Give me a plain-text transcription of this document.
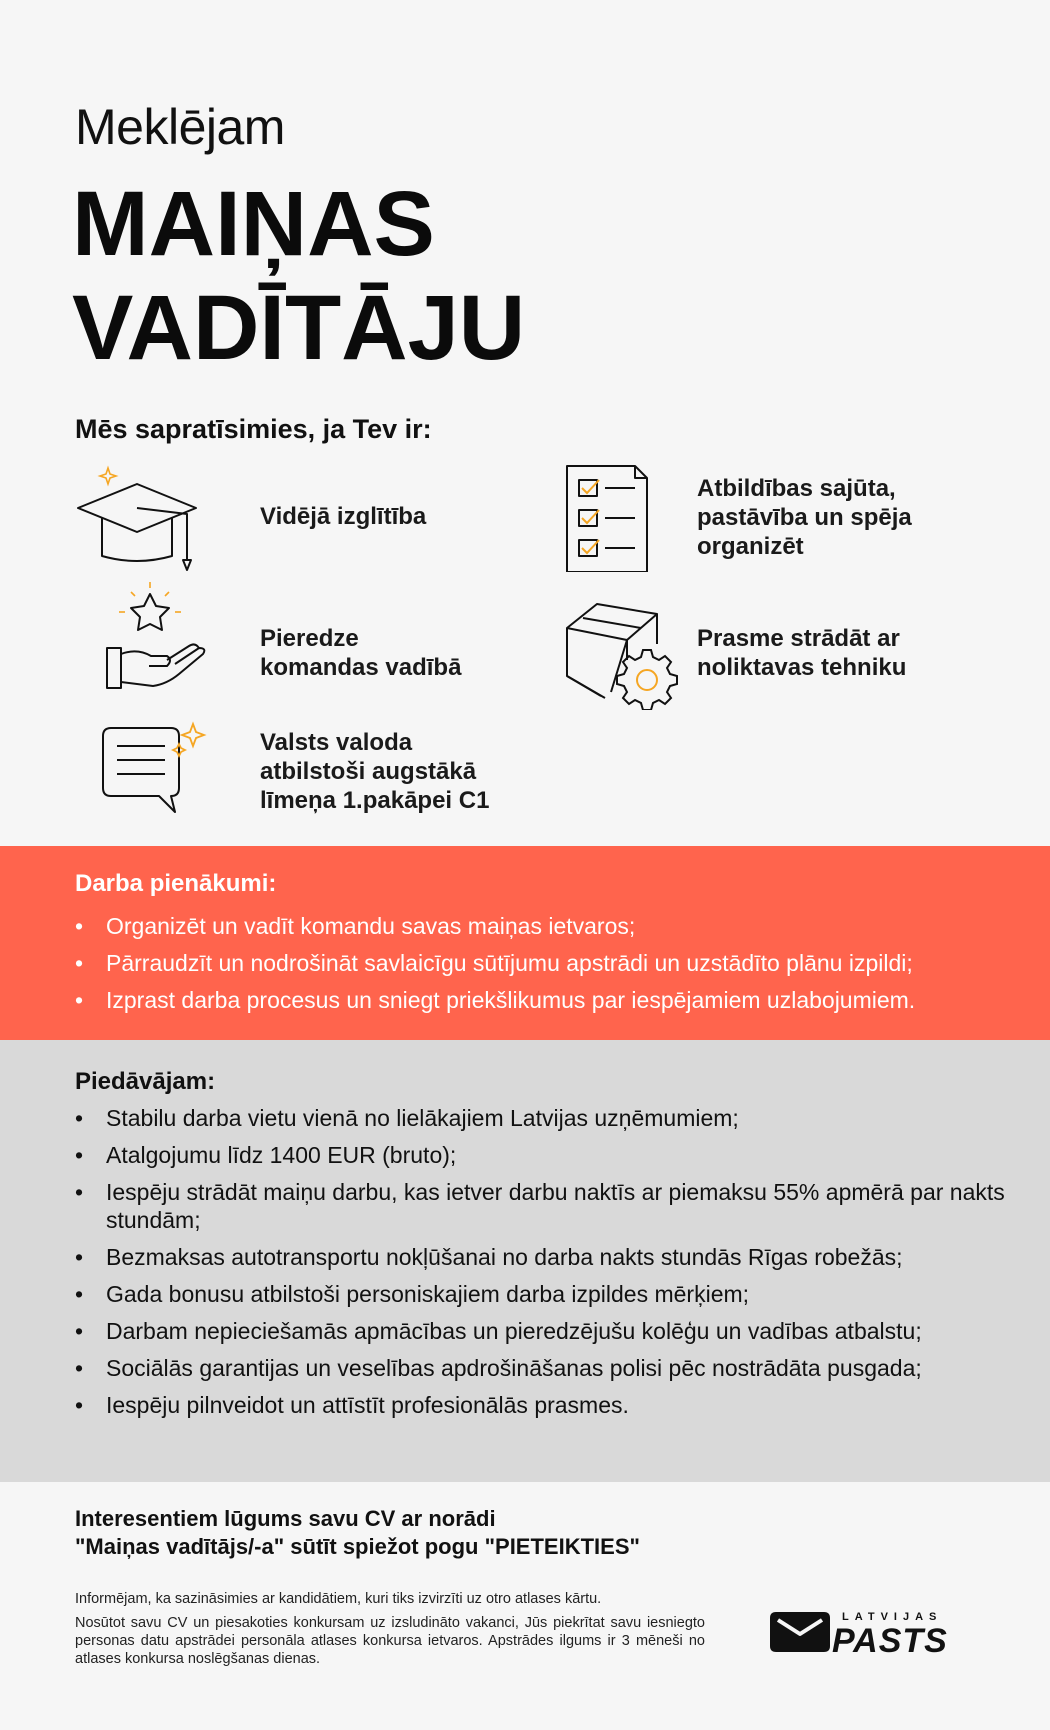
Meklējam
MAIŅAS
VADĪTĀJU
Mēs sapratīsimies, ja Tev ir:
Vidējā izglītība
Atbildības sajūta,
pastāvība un spēja
organizēt
Pieredze
komandas vadībā
Prasme strādāt ar
noliktavas tehniku
Valsts valoda
atbilstoši augstākā
līmeņa 1.pakāpei C1
Darba pienākumi:
• Organizēt un vadīt komandu savas maiņas ietvaros;
• Pārraudzīt un nodrošināt savlaicīgu sūtījumu apstrādi un uzstādīto plānu izpildi;
• Izprast darba procesus un sniegt priekšlikumus par iespējamiem uzlabojumiem.
Piedāvājam:
• Stabilu darba vietu vienā no lielākajiem Latvijas uzņēmumiem;
• Atalgojumu līdz 1400 EUR (bruto);
• Iespēju strādāt maiņu darbu, kas ietver darbu naktīs ar piemaksu 55% apmērā par nakts stundām;
• Bezmaksas autotransportu nokļūšanai no darba nakts stundās Rīgas robežās;
• Gada bonusu atbilstoši personiskajiem darba izpildes mērķiem;
• Darbam nepieciešamās apmācības un pieredzējušu kolēģu un vadības atbalstu;
• Sociālās garantijas un veselības apdrošināšanas polisi pēc nostrādāta pusgada;
• Iespēju pilnveidot un attīstīt profesionālās prasmes.
Interesentiem lūgums savu CV ar norādi
"Maiņas vadītājs/-a" sūtīt spiežot pogu "PIETEIKTIES"

Informējam, ka sazināsimies ar kandidātiem, kuri tiks izvirzīti uz otro atlases kārtu.

Nosūtot savu CV un piesakoties konkursam uz izsludināto vakanci, Jūs piekrītat savu iesniegto personas datu apstrādei personāla atlases konkursa ietvaros. Apstrādes ilgums ir 3 mēneši no atlases konkursa noslēgšanas dienas.

LATVIJAS
PASTS
